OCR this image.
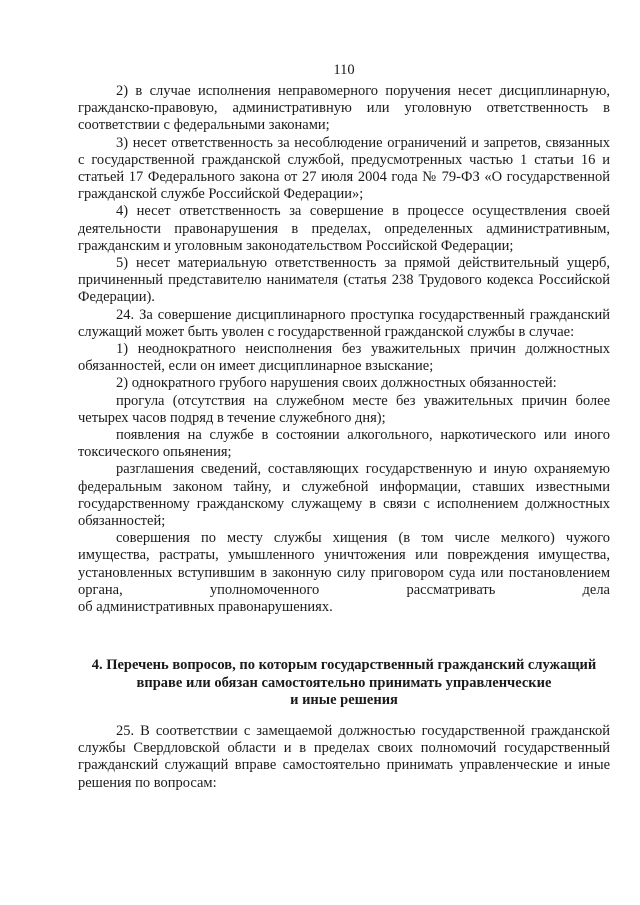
110

2) в случае исполнения неправомерного поручения несет дисциплинарную, гражданско-правовую, административную или уголовную ответственность в соответствии с федеральными законами;

3) несет ответственность за несоблюдение ограничений и запретов, связанных с государственной гражданской службой, предусмотренных частью 1 статьи 16 и статьей 17 Федерального закона от 27 июля 2004 года № 79-ФЗ «О государственной гражданской службе Российской Федерации»;

4) несет ответственность за совершение в процессе осуществления своей деятельности правонарушения в пределах, определенных административным, гражданским и уголовным законодательством Российской Федерации;

5) несет материальную ответственность за прямой действительный ущерб, причиненный представителю нанимателя (статья 238 Трудового кодекса Российской Федерации).

24. За совершение дисциплинарного проступка государственный гражданский служащий может быть уволен с государственной гражданской службы в случае:

1) неоднократного неисполнения без уважительных причин должностных обязанностей, если он имеет дисциплинарное взыскание;

2) однократного грубого нарушения своих должностных обязанностей:

прогула (отсутствия на служебном месте без уважительных причин более четырех часов подряд в течение служебного дня);

появления на службе в состоянии алкогольного, наркотического или иного токсического опьянения;

разглашения сведений, составляющих государственную и иную охраняемую федеральным законом тайну, и служебной информации, ставших известными государственному гражданскому служащему в связи с исполнением должностных обязанностей;

совершения по месту службы хищения (в том числе мелкого) чужого имущества, растраты, умышленного уничтожения или повреждения имущества, установленных вступившим в законную силу приговором суда или постановлением органа, уполномоченного рассматривать дела

об административных правонарушениях.

4. Перечень вопросов, по которым государственный гражданский служащий
вправе или обязан самостоятельно принимать управленческие
и иные решения

25. В соответствии с замещаемой должностью государственной гражданской службы Свердловской области и в пределах своих полномочий государственный гражданский служащий вправе самостоятельно принимать управленческие и иные решения по вопросам:
